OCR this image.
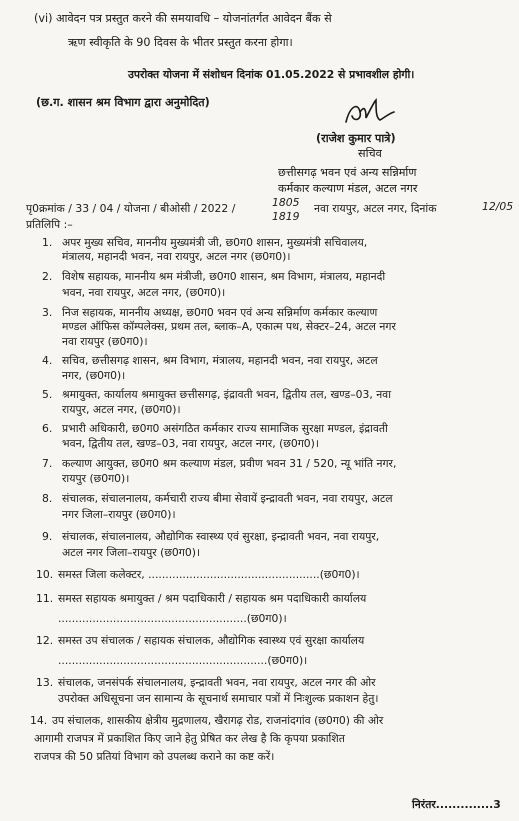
(vi) आवेदन पत्र प्रस्तुत करने की समयावधि – योजनांतर्गत आवेदन बैंक से
ऋण स्वीकृति के 90 दिवस के भीतर प्रस्तुत करना होगा।
उपरोक्त योजना में संशोधन दिनांक 01.05.2022 से प्रभावशील होगी।
(छ.ग. शासन श्रम विभाग द्वारा अनुमोदित)
(राजेश कुमार पात्रे)
सचिव
छत्तीसगढ़ भवन एवं अन्य सन्निर्माण
कर्मकार कल्याण मंडल, अटल नगर
पृ0क्रमांक / 33 / 04 / योजना / बीओसी / 2022 /	1805
1819
नवा रायपुर, अटल नगर, दिनांक	12/05
प्रतिलिपि :–
1. अपर मुख्य सचिव, माननीय मुख्यमंत्री जी, छ0ग0 शासन, मुख्यमंत्री सचिवालय,
मंत्रालय, महानदी भवन, नवा रायपुर, अटल नगर (छ0ग0)।
2. विशेष सहायक, माननीय श्रम मंत्रीजी, छ0ग0 शासन, श्रम विभाग, मंत्रालय, महानदी
भवन, नवा रायपुर, अटल नगर, (छ0ग0)।
3. निज सहायक, माननीय अध्यक्ष, छ0ग0 भवन एवं अन्य सन्निर्माण कर्मकार कल्याण
मण्डल ऑफिस कॉम्पलेक्स, प्रथम तल, ब्लाक–A, एकात्म पथ, सेक्टर–24, अटल नगर
नवा रायपुर (छ0ग0)।
4. सचिव, छत्तीसगढ़ शासन, श्रम विभाग, मंत्रालय, महानदी भवन, नवा रायपुर, अटल
नगर, (छ0ग0)।
5. श्रमायुक्त, कार्यालय श्रमायुक्त छत्तीसगढ़, इंद्रावती भवन, द्वितीय तल, खण्ड–03, नवा
रायपुर, अटल नगर, (छ0ग0)।
6. प्रभारी अधिकारी, छ0ग0 असंगठित कर्मकार राज्य सामाजिक सुरक्षा मण्डल, इंद्रावती
भवन, द्वितीय तल, खण्ड–03, नवा रायपुर, अटल नगर, (छ0ग0)।
7. कल्याण आयुक्त, छ0ग0 श्रम कल्याण मंडल, प्रवीण भवन 31 / 520, न्यू भांति नगर,
रायपुर (छ0ग0)।
8. संचालक, संचालनालय, कर्मचारी राज्य बीमा सेवायें इन्द्रावती भवन, नवा रायपुर, अटल
नगर जिला–रायपुर (छ0ग0)।
9. संचालक, संचालनालय, औद्योगिक स्वास्थ्य एवं सुरक्षा, इन्द्रावती भवन, नवा रायपुर,
अटल नगर जिला–रायपुर (छ0ग0)।
10. समस्त जिला कलेक्टर, ..................................................(छ0ग0)।
11. समस्त सहायक श्रमायुक्त / श्रम पदाधिकारी / सहायक श्रम पदाधिकारी कार्यालय
.......................................................(छ0ग0)।
12. समस्त उप संचालक / सहायक संचालक, औद्योगिक स्वास्थ्य एवं सुरक्षा कार्यालय
.............................................................(छ0ग0)।
13. संचालक, जनसंपर्क संचालनालय, इन्द्रावती भवन, नवा रायपुर, अटल नगर की ओर
उपरोक्त अधिसूचना जन सामान्य के सूचनार्थ समाचार पत्रों में निःशुल्क प्रकाशन हेतु।
14. उप संचालक, शासकीय क्षेत्रीय मुद्रणालय, खैरागढ़ रोड, राजनांदगांव (छ0ग0) की ओर
आगामी राजपत्र में प्रकाशित किए जाने हेतु प्रेषित कर लेख है कि कृपया प्रकाशित
राजपत्र की 50 प्रतियां विभाग को उपलब्ध कराने का कष्ट करें।
निरंतर..............3
